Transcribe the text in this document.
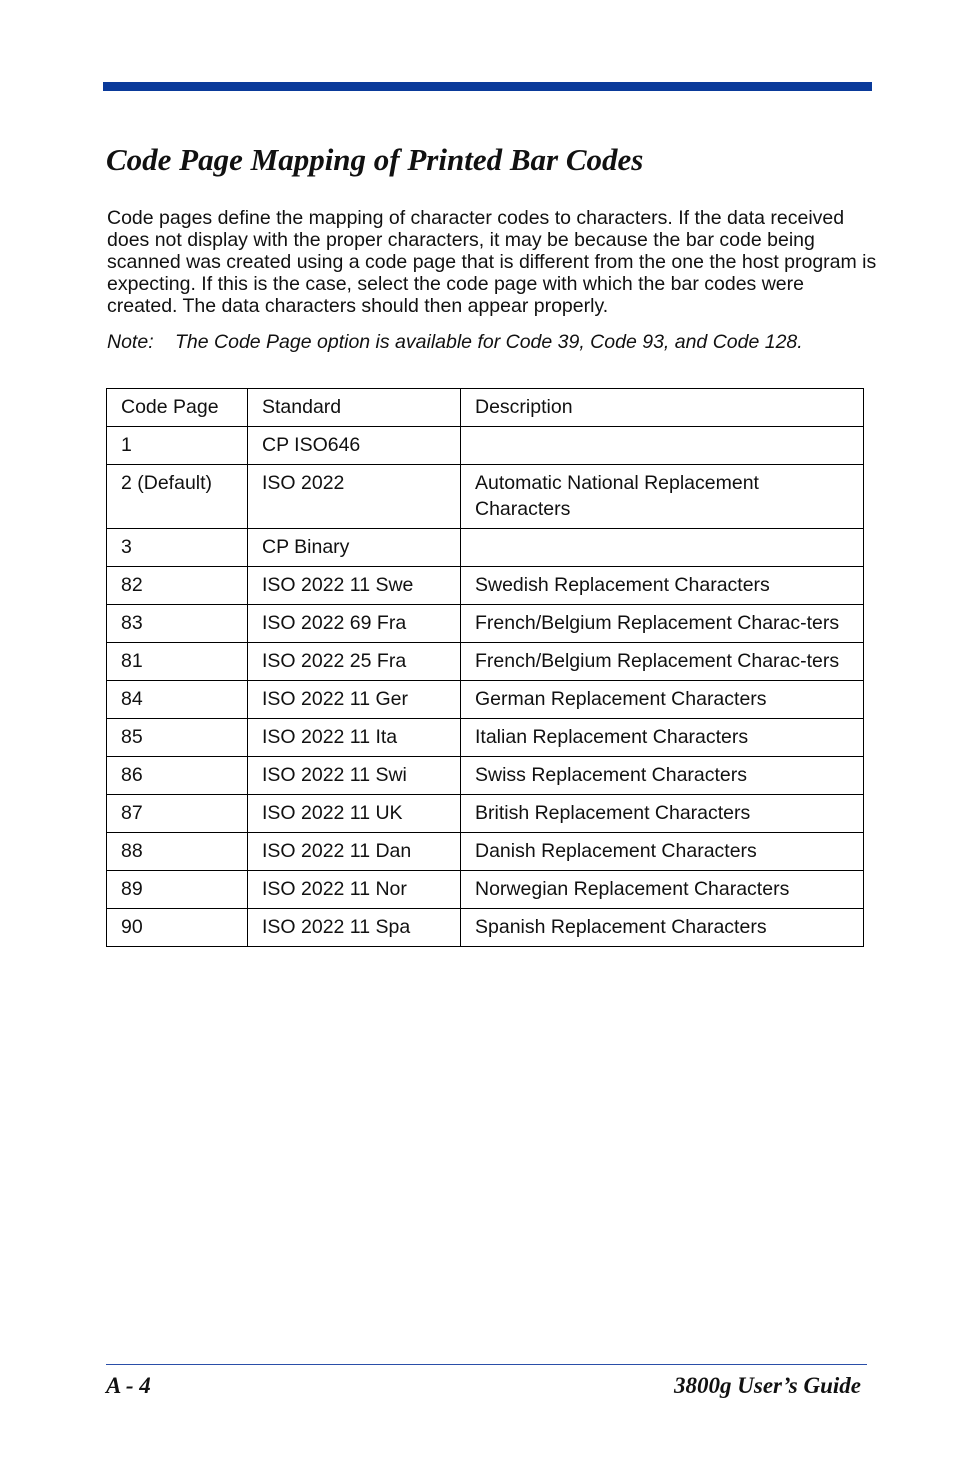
Code Page Mapping of Printed Bar Codes

Code pages define the mapping of character codes to characters. If the data received does not display with the proper characters, it may be because the bar code being scanned was created using a code page that is different from the one the host program is expecting. If this is the case, select the code page with which the bar codes were created. The data characters should then appear properly.

Note: The Code Page option is available for Code 39, Code 93, and Code 128.

Code Page	Standard	Description
1	CP ISO646	
2 (Default)	ISO 2022	Automatic National Replacement Characters
3	CP Binary	
82	ISO 2022 11 Swe	Swedish Replacement Characters
83	ISO 2022 69 Fra	French/Belgium Replacement Charac-ters
81	ISO 2022 25 Fra	French/Belgium Replacement Charac-ters
84	ISO 2022 11 Ger	German Replacement Characters
85	ISO 2022 11 Ita	Italian Replacement Characters
86	ISO 2022 11 Swi	Swiss Replacement Characters
87	ISO 2022 11 UK	British Replacement Characters
88	ISO 2022 11 Dan	Danish Replacement Characters
89	ISO 2022 11 Nor	Norwegian Replacement Characters
90	ISO 2022 11 Spa	Spanish Replacement Characters

A - 4	3800g User’s Guide
